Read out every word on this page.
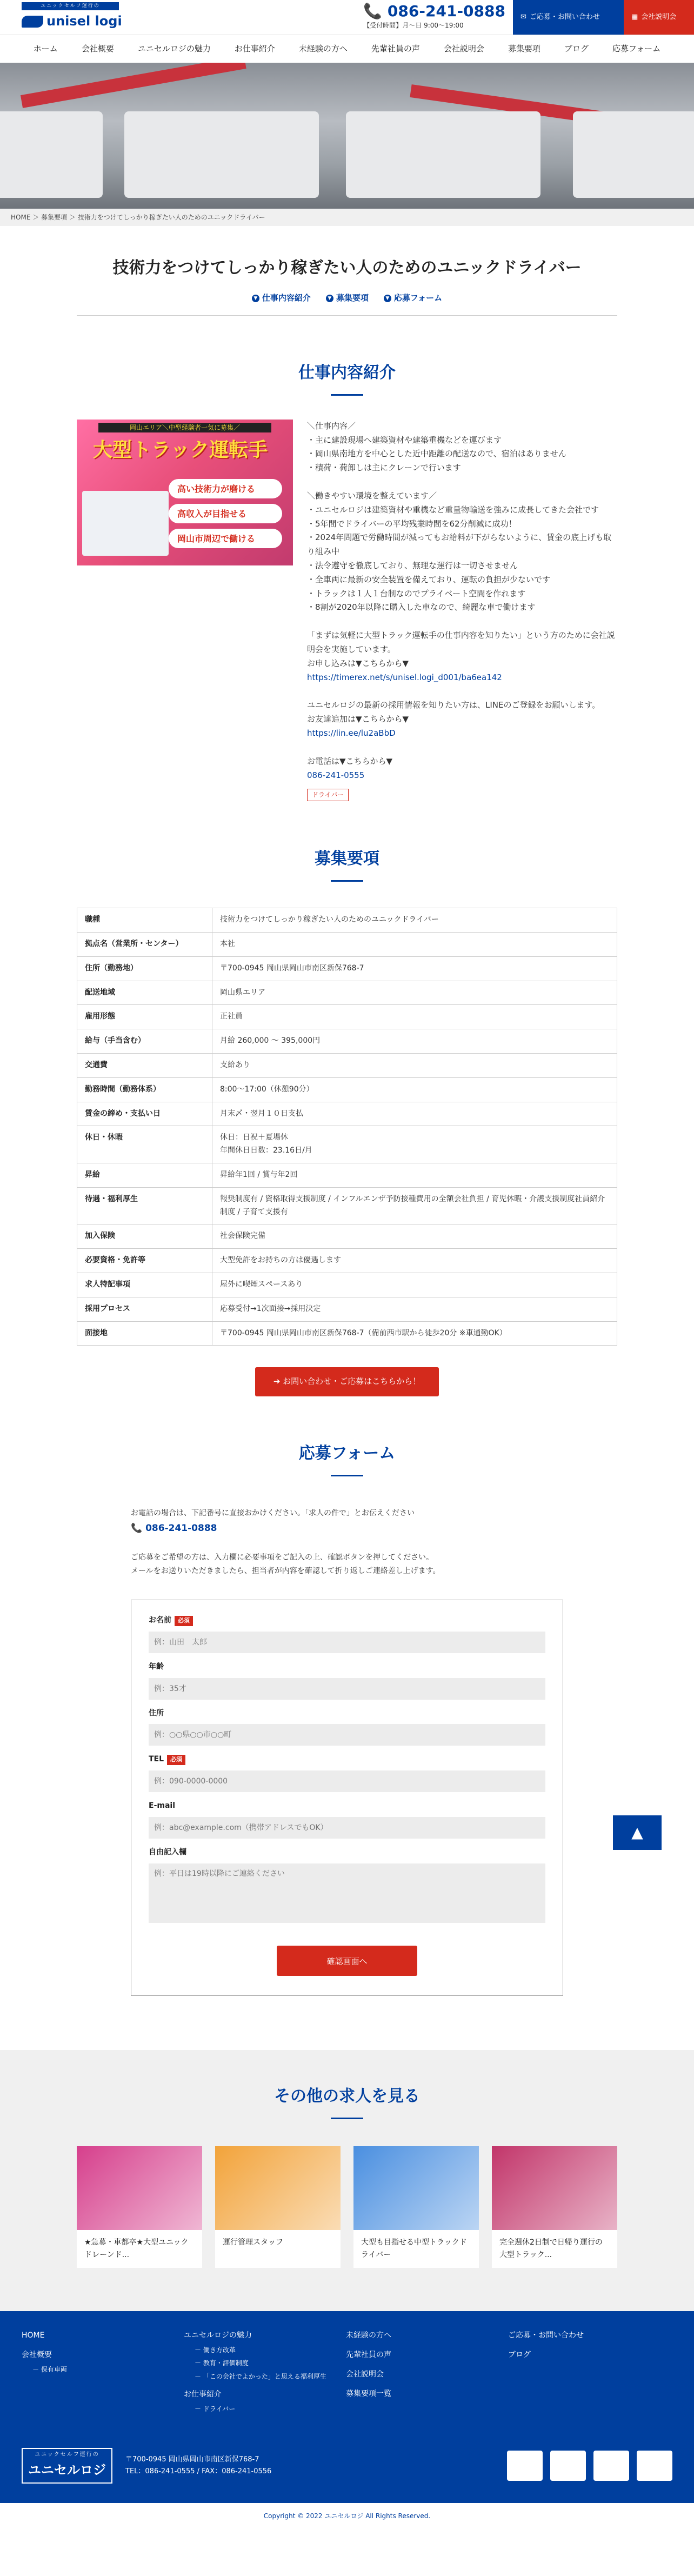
ユニックセルフ運行の
unisel logi
📞 086-241-0888
【受付時間】月〜日 9:00〜19:00
✉ ご応募・お問い合わせ	▦ 会社説明会
ホーム	会社概要	ユニセルロジの魅力	お仕事紹介	未経験の方へ	先輩社員の声	会社説明会	募集要項	ブログ	応募フォーム
HOME ＞ 募集要項 ＞ 技術力をつけてしっかり稼ぎたい人のためのユニックドライバー
技術力をつけてしっかり稼ぎたい人のためのユニックドライバー
▼ 仕事内容紹介	▼ 募集要項	▼ 応募フォーム
仕事内容紹介
岡山エリア＼中型経験者一気に募集／
大型トラック運転手
高い技術力が磨ける
高収入が目指せる
岡山市周辺で働ける

＼仕事内容／

・主に建設現場へ建築資材や建築重機などを運びます

・岡山県南地方を中心とした近中距離の配送なので、宿泊はありません

・積荷・荷卸しは主にクレーンで行います

＼働きやすい環境を整えています／

・ユニセルロジは建築資材や重機など重量物輸送を強みに成長してきた会社です

・5年間でドライバーの平均残業時間を62分削減に成功！

・2024年問題で労働時間が減ってもお給料が下がらないように、賃金の底上げも取り組み中

・法令遵守を徹底しており、無理な運行は一切させません

・全車両に最新の安全装置を備えており、運転の負担が少ないです

・トラックは１人１台制なのでプライベート空間を作れます

・8割が2020年以降に購入した車なので、綺麗な車で働けます

「まずは気軽に大型トラック運転手の仕事内容を知りたい」という方のために会社説明会を実施しています。

お申し込みは▼こちらから▼

https://timerex.net/s/unisel.logi_d001/ba6ea142

ユニセルロジの最新の採用情報を知りたい方は、LINEのご登録をお願いします。

お友達追加は▼こちらから▼

https://lin.ee/lu2aBbD

お電話は▼こちらから▼

086-241-0555
ドライバー
募集要項
職種	技術力をつけてしっかり稼ぎたい人のためのユニックドライバー
拠点名（営業所・センター）	本社
住所（勤務地）	〒700-0945 岡山県岡山市南区新保768-7
配送地域	岡山県エリア
雇用形態	正社員
給与（手当含む）	月給 260,000 ～ 395,000円
交通費	支給あり
勤務時間（勤務体系）	8:00〜17:00（休憩90分）
賃金の締め・支払い日	月末〆・翌月１０日支払
休日・休暇	休日：日祝＋夏場休
年間休日日数：23.16日/月
昇給	昇給年1回 / 賞与年2回
待遇・福利厚生	報奨制度有 / 資格取得支援制度 / インフルエンザ予防接種費用の全額会社負担 / 育児休暇・介護支援制度社員紹介制度 / 子育て支援有
加入保険	社会保険完備
必要資格・免許等	大型免許をお持ちの方は優遇します
求人特記事項	屋外に喫煙スペースあり
採用プロセス	応募受付→1次面接→採用決定
面接地	〒700-0945 岡山県岡山市南区新保768-7（備前西市駅から徒歩20分 ※車通勤OK）
➔ お問い合わせ・ご応募はこちらから！
応募フォーム

お電話の場合は、下記番号に直接おかけください。「求人の件で」とお伝えください

📞 086-241-0888

ご応募をご希望の方は、入力欄に必要事項をご記入の上、確認ボタンを押してください。

メールをお送りいただきましたら、担当者が内容を確認して折り返しご連絡差し上げます。

お名前 必須
例：山田　太郎
年齢
例：35才
住所
例：○○県○○市○○町
TEL 必須
例：090-0000-0000
E-mail
例：abc@example.com（携帯アドレスでもOK）
自由記入欄
例：平日は19時以降にご連絡ください
確認画面へ
▲
その他の求人を見る
★急募・車都卒★大型ユニックドレーンド...
運行管理スタッフ	大型も目指せる中型トラックドライバー
完全週休2日制で日帰り運行の大型トラック...
HOME
会社概要
－ 保有車両
ユニセルロジの魅力
－ 働き方改革
－ 教育・評価制度
－ 「この会社でよかった」と思える福利厚生
お仕事紹介
－ ドライバー
未経験の方へ
先輩社員の声
会社説明会
募集要項一覧
ご応募・お問い合わせ
ブログ
ユニックセルフ運行の
ユニセルロジ
〒700-0945 岡山県岡山市南区新保768-7
TEL：086-241-0555 / FAX：086-241-0556
Copyright © 2022 ユニセルロジ All Rights Reserved.
